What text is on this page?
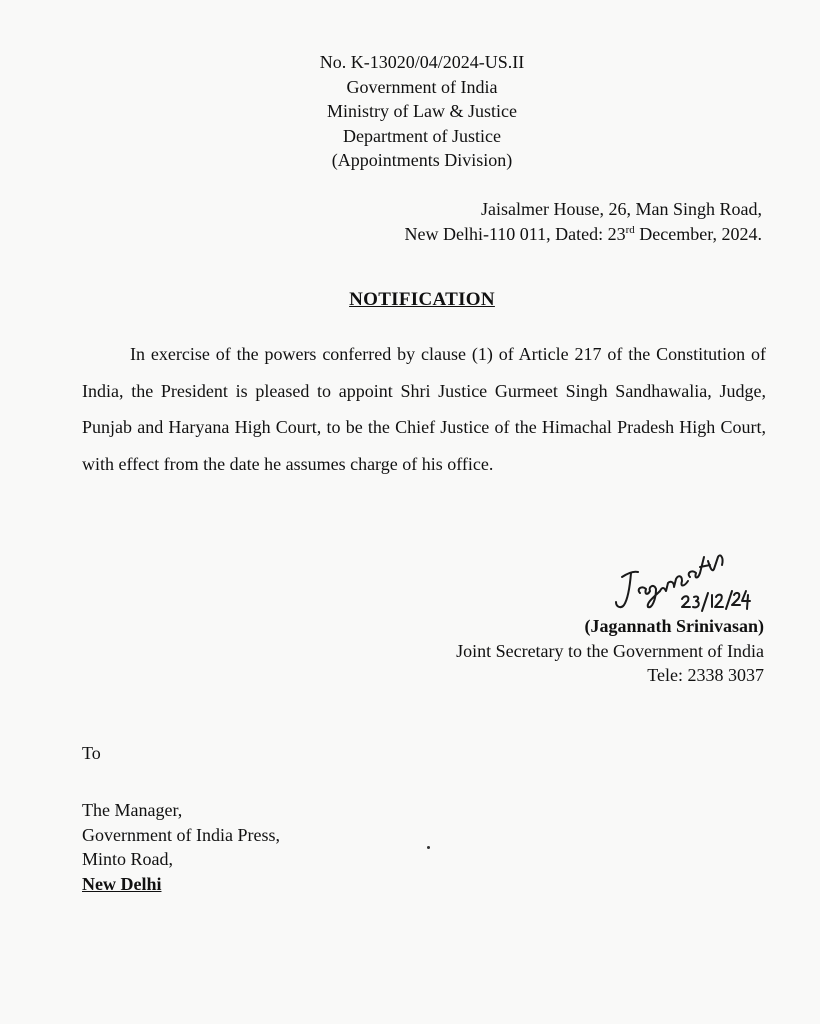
No. K-13020/04/2024-US.II
Government of India
Ministry of Law & Justice
Department of Justice
(Appointments Division)
Jaisalmer House, 26, Man Singh Road,
New Delhi-110 011, Dated: 23rd December, 2024.
NOTIFICATION
In exercise of the powers conferred by clause (1) of Article 217 of the Constitution of India, the President is pleased to appoint Shri Justice Gurmeet Singh Sandhawalia, Judge, Punjab and Haryana High Court, to be the Chief Justice of the Himachal Pradesh High Court, with effect from the date he assumes charge of his office.
(Jagannath Srinivasan)
Joint Secretary to the Government of India
Tele: 2338 3037
To
The Manager,
Government of India Press,
Minto Road,
New Delhi
